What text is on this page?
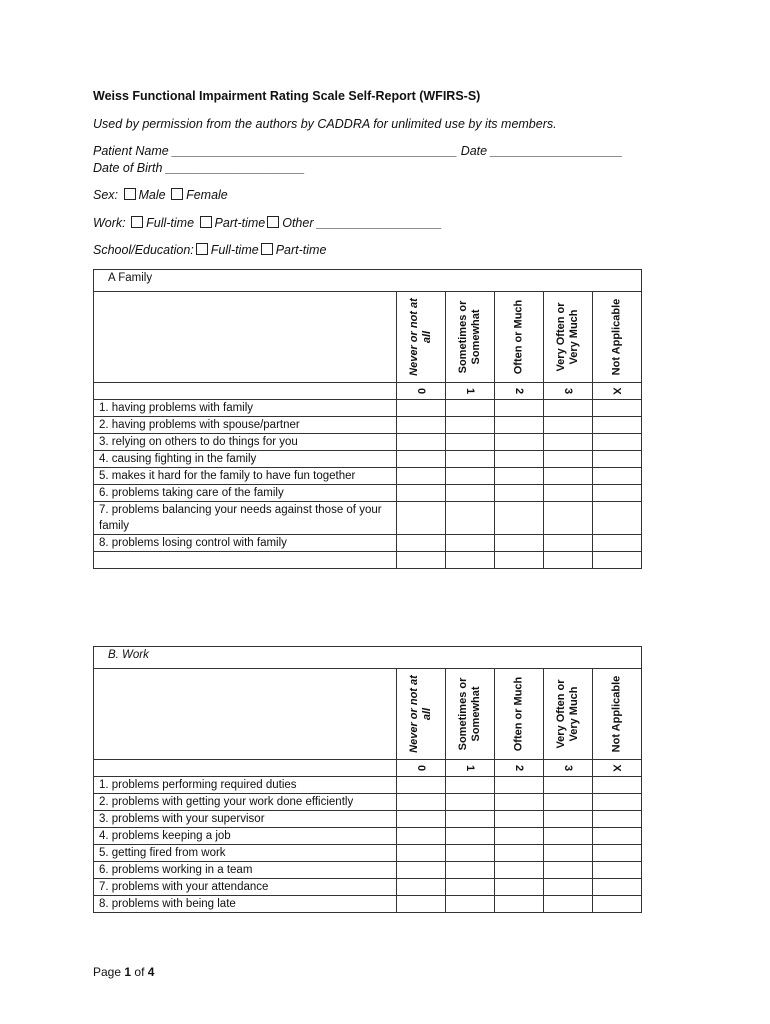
Weiss Functional Impairment Rating Scale Self-Report (WFIRS-S)
Used by permission from the authors by CADDRA for unlimited use by its members.
Patient Name _________________________________________ Date ___________________
Date of Birth ____________________
Sex: Male Female
Work: Full-time Part-time Other __________________
School/Education: Full-time Part-time
A Family					

	Never or not at all	Sometimes or Somewhat	Often or Much	Very Often or Very Much	Not Applicable

	0	1	2	3	X
1. having problems with family					
2. having problems with spouse/partner					
3. relying on others to do things for you					
4. causing fighting in the family					
5. makes it hard for the family to have fun together					
6. problems taking care of the family					
7. problems balancing your needs against those of your family					
8. problems losing control with family					

B. Work					

	Never or not at all	Sometimes or Somewhat	Often or Much	Very Often or Very Much	Not Applicable

	0	1	2	3	X
1. problems performing required duties					
2. problems with getting your work done efficiently					
3. problems with your supervisor					
4. problems keeping a job					
5. getting fired from work					
6. problems working in a team					
7. problems with your attendance					
8. problems with being late					
Page 1 of 4
